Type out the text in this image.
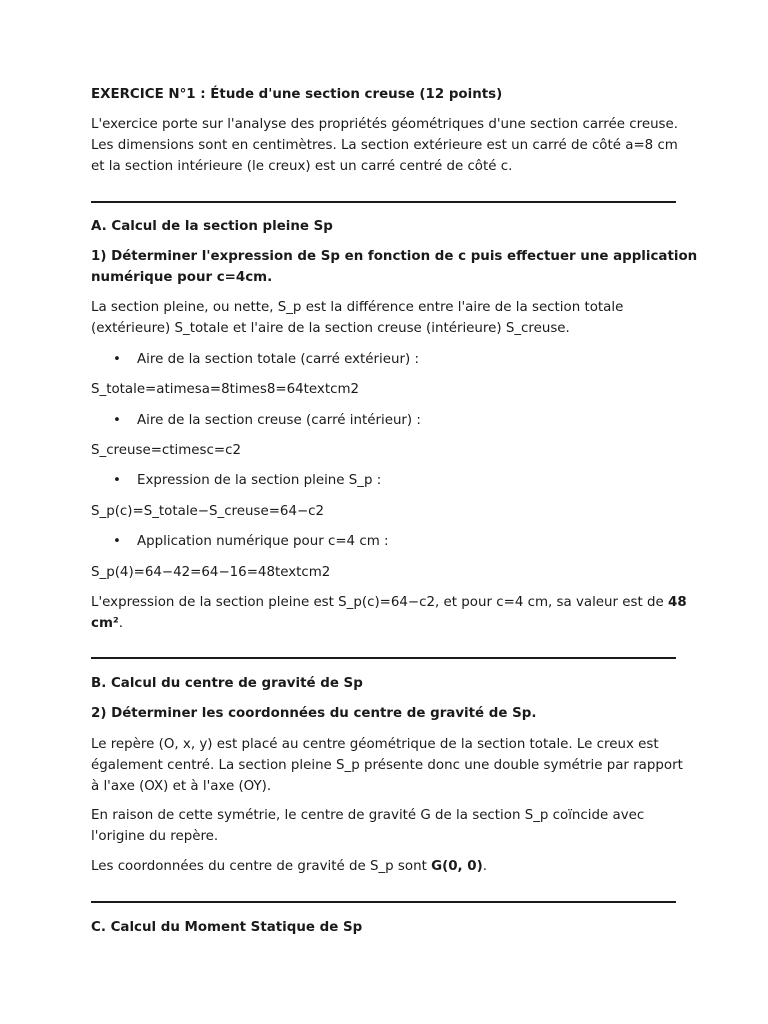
EXERCICE N°1 : Étude d'une section creuse (12 points)
L'exercice porte sur l'analyse des propriétés géométriques d'une section carrée creuse.
Les dimensions sont en centimètres. La section extérieure est un carré de côté a=8 cm
et la section intérieure (le creux) est un carré centré de côté c.
A. Calcul de la section pleine Sp
1) Déterminer l'expression de Sp en fonction de c puis effectuer une application
numérique pour c=4cm.
La section pleine, ou nette, S_p est la différence entre l'aire de la section totale
(extérieure) S_totale et l'aire de la section creuse (intérieure) S_creuse.
• Aire de la section totale (carré extérieur) :
S_totale=atimesa=8times8=64textcm2
• Aire de la section creuse (carré intérieur) :
S_creuse=ctimesc=c2
• Expression de la section pleine S_p :
S_p(c)=S_totale−S_creuse=64−c2
• Application numérique pour c=4 cm :
S_p(4)=64−42=64−16=48textcm2
L'expression de la section pleine est S_p(c)=64−c2, et pour c=4 cm, sa valeur est de 48
cm².
B. Calcul du centre de gravité de Sp
2) Déterminer les coordonnées du centre de gravité de Sp.
Le repère (O, x, y) est placé au centre géométrique de la section totale. Le creux est
également centré. La section pleine S_p présente donc une double symétrie par rapport
à l'axe (OX) et à l'axe (OY).
En raison de cette symétrie, le centre de gravité G de la section S_p coïncide avec
l'origine du repère.
Les coordonnées du centre de gravité de S_p sont G(0, 0).
C. Calcul du Moment Statique de Sp
